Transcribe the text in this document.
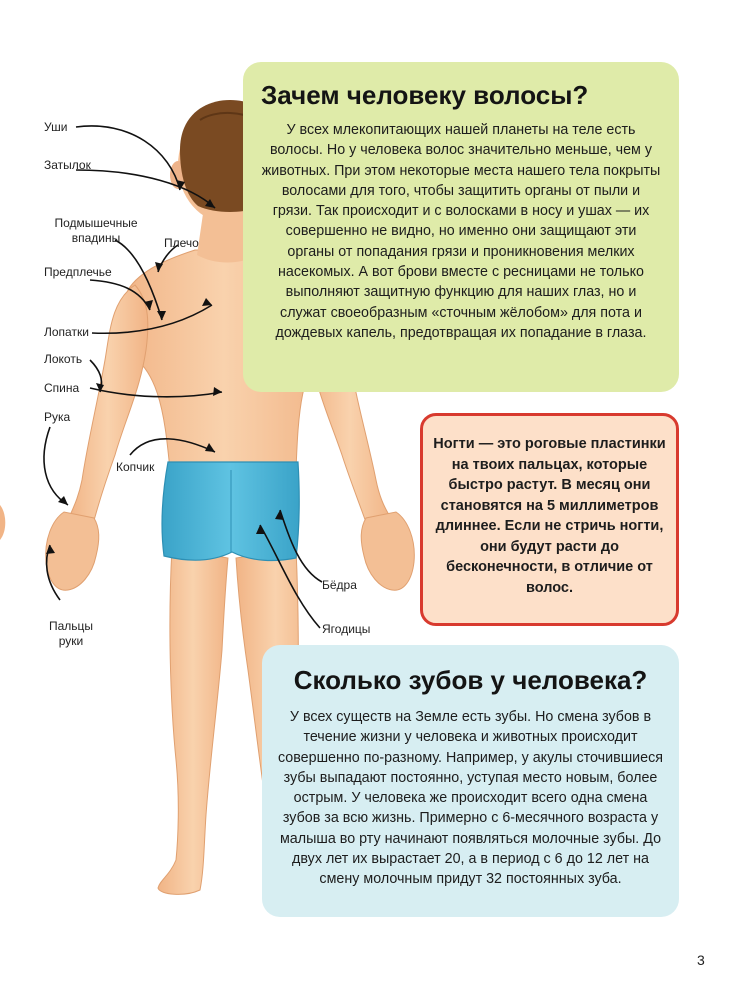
Уши
Затылок
Подмышечные впадины	Плечо
Предплечье
Лопатки
Локоть
Спина
Рука
Копчик
Бёдра
Ягодицы
Пальцы руки
Зачем человеку волосы?

У всех млекопитающих нашей планеты на теле есть волосы. Но у человека волос значительно меньше, чем у животных. При этом некоторые места нашего тела покрыты волосами для того, чтобы защитить органы от пыли и грязи. Так происходит и с волосками в носу и ушах — их совершенно не видно, но именно они защищают эти органы от попадания грязи и проникновения мелких насекомых. А вот брови вместе с ресницами не только выполняют защитную функцию для наших глаз, но и служат своеобразным «сточным жёлобом» для пота и дождевых капель, предотвращая их попадание в глаза.

Ногти — это роговые пластинки на твоих пальцах, которые быстро растут. В месяц они становятся на 5 миллиметров длиннее. Если не стричь ногти, они будут расти до бесконечности, в отличие от волос.

Сколько зубов у человека?

У всех существ на Земле есть зубы. Но смена зубов в течение жизни у человека и животных происходит совершенно по-разному. Например, у акулы сточившиеся зубы выпадают постоянно, уступая место новым, более острым. У человека же происходит всего одна смена зубов за всю жизнь. Примерно с 6-месячного возраста у малыша во рту начинают появляться молочные зубы. До двух лет их вырастает 20, а в период с 6 до 12 лет на смену молочным придут 32 постоянных зуба.

3
